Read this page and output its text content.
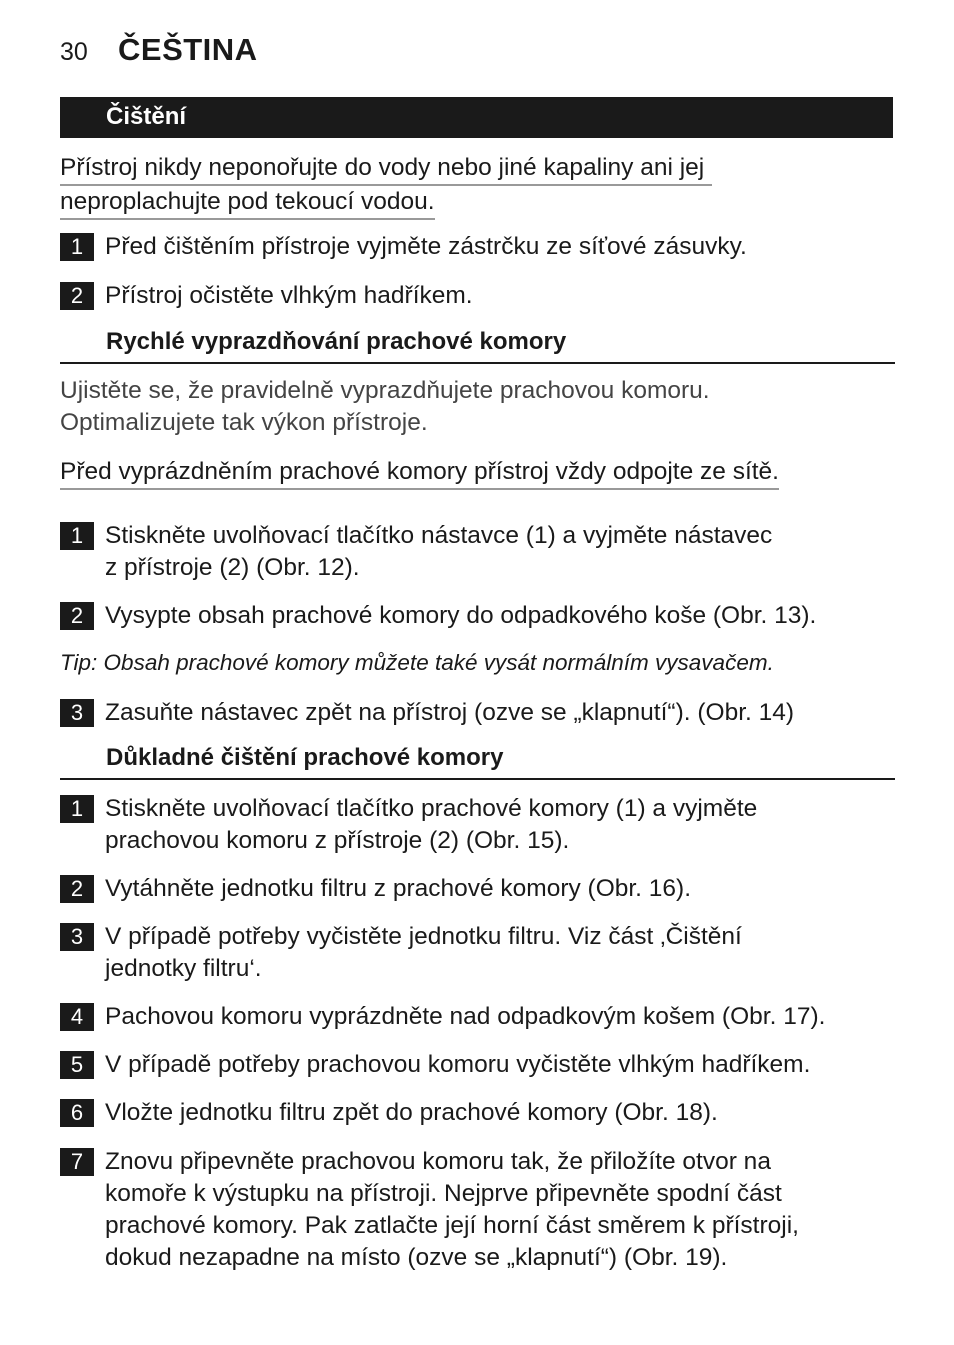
30 ČEŠTINA
Čištění
Přístroj nikdy neponořujte do vody nebo jiné kapaliny ani jej
neproplachujte pod tekoucí vodou.
1 Před čištěním přístroje vyjměte zástrčku ze síťové zásuvky.
2 Přístroj očistěte vlhkým hadříkem.
Rychlé vyprazdňování prachové komory
Ujistěte se, že pravidelně vyprazdňujete prachovou komoru.
Optimalizujete tak výkon přístroje.
Před vyprázdněním prachové komory přístroj vždy odpojte ze sítě.
1 Stiskněte uvolňovací tlačítko nástavce (1) a vyjměte nástavec
z přístroje (2) (Obr. 12).
2 Vysypte obsah prachové komory do odpadkového koše (Obr. 13).
Tip: Obsah prachové komory můžete také vysát normálním vysavačem.
3 Zasuňte nástavec zpět na přístroj (ozve se „klapnutí“). (Obr. 14)
Důkladné čištění prachové komory
1 Stiskněte uvolňovací tlačítko prachové komory (1) a vyjměte
prachovou komoru z přístroje (2) (Obr. 15).
2 Vytáhněte jednotku filtru z prachové komory (Obr. 16).
3 V případě potřeby vyčistěte jednotku filtru. Viz část ‚Čištění
jednotky filtru‘.
4 Pachovou komoru vyprázdněte nad odpadkovým košem (Obr. 17).
5 V případě potřeby prachovou komoru vyčistěte vlhkým hadříkem.
6 Vložte jednotku filtru zpět do prachové komory (Obr. 18).
7 Znovu připevněte prachovou komoru tak, že přiložíte otvor na
komoře k výstupku na přístroji. Nejprve připevněte spodní část
prachové komory. Pak zatlačte její horní část směrem k přístroji,
dokud nezapadne na místo (ozve se „klapnutí“) (Obr. 19).
